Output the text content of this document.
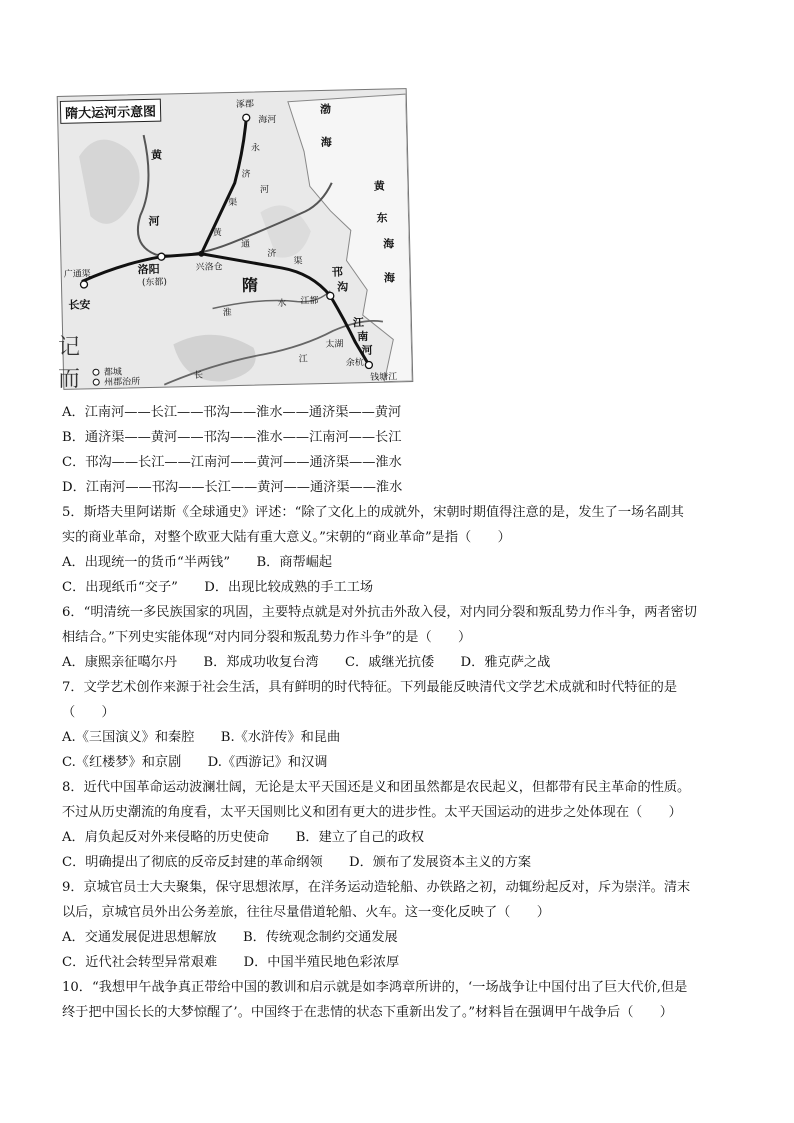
涿郡
海河
渤
海
黄
河
永
济
渠
河
黄
通
济
渠
广通渠	洛阳
(东都)
兴洛仓
长安
隋
淮
水
邗
沟
江都
江
南
河
太湖
余杭
钱塘江
长
江
黄
东
海
海
都城
州郡治所
隋大运河示意图
记
而
A．江南河——长江——邗沟——淮水——通济渠——黄河
B．通济渠——黄河——邗沟——淮水——江南河——长江
C．邗沟——长江——江南河——黄河——通济渠——淮水
D．江南河——邗沟——长江——黄河——通济渠——淮水
5．斯塔夫里阿诺斯《全球通史》评述：“除了文化上的成就外，宋朝时期值得注意的是，发生了一场名副其
实的商业革命，对整个欧亚大陆有重大意义。”宋朝的“商业革命”是指（　　）
A．出现统一的货币“半两钱”　　B．商帮崛起
C．出现纸币“交子”　　D．出现比较成熟的手工工场
6．“明清统一多民族国家的巩固，主要特点就是对外抗击外敌入侵，对内同分裂和叛乱势力作斗争，两者密切
相结合。”下列史实能体现“对内同分裂和叛乱势力作斗争”的是（　　）
A．康熙亲征噶尔丹　　B．郑成功收复台湾　　C．戚继光抗倭　　D．雅克萨之战
7．文学艺术创作来源于社会生活，具有鲜明的时代特征。下列最能反映清代文学艺术成就和时代特征的是
（　　）
A.《三国演义》和秦腔　　B.《水浒传》和昆曲
C.《红楼梦》和京剧　　D.《西游记》和汉调
8．近代中国革命运动波澜壮阔，无论是太平天国还是义和团虽然都是农民起义，但都带有民主革命的性质。
不过从历史潮流的角度看，太平天国则比义和团有更大的进步性。太平天国运动的进步之处体现在（　　）
A．肩负起反对外来侵略的历史使命　　B．建立了自己的政权
C．明确提出了彻底的反帝反封建的革命纲领　　D．颁布了发展资本主义的方案
9．京城官员士大夫聚集，保守思想浓厚，在洋务运动造轮船、办铁路之初，动辄纷起反对，斥为崇洋。清末
以后，京城官员外出公务差旅，往往尽量借道轮船、火车。这一变化反映了（　　）
A．交通发展促进思想解放　　B．传统观念制约交通发展
C．近代社会转型异常艰难　　D．中国半殖民地色彩浓厚
10．“我想甲午战争真正带给中国的教训和启示就是如李鸿章所讲的，‘一场战争让中国付出了巨大代价,但是
终于把中国长长的大梦惊醒了’。中国终于在悲情的状态下重新出发了。”材料旨在强调甲午战争后（　　）
